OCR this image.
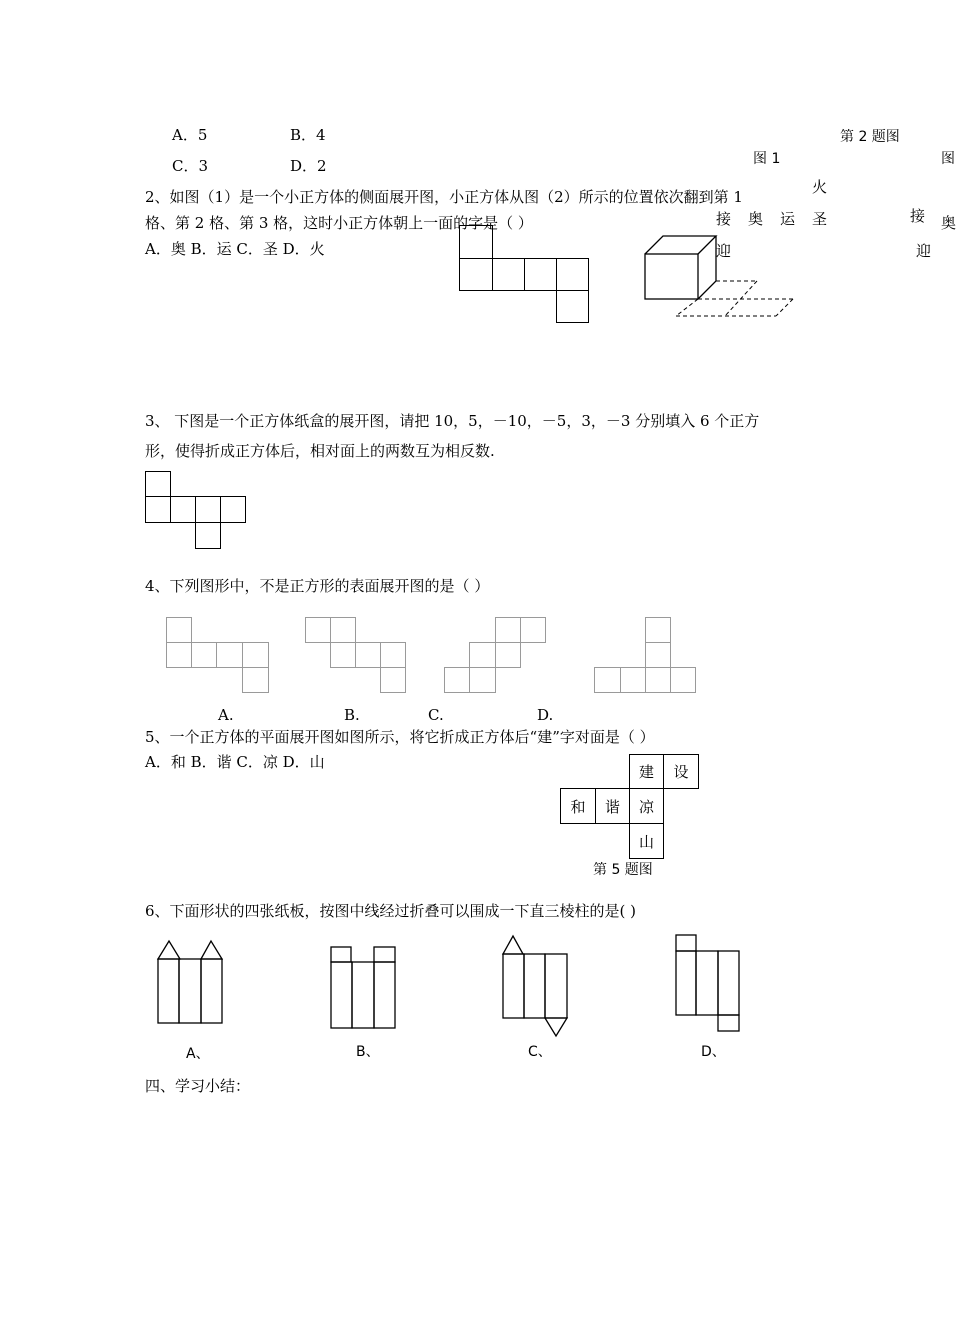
A．5	B．4
C．3	D．2
2、如图（1）是一个小正方体的侧面展开图，小正方体从图（2）所示的位置依次翻到第 1
格、第 2 格、第 3 格，这时小正方体朝上一面的字是（ ）
A．奥 B．运 C．圣 D．火
第 2 题图
图 1	图
火
接 奥 运 圣
迎
接 奥
迎
3、 下图是一个正方体纸盒的展开图，请把 10，5，－10，－5，3，－3 分别填入 6 个正方
形，使得折成正方体后，相对面上的两数互为相反数.
4、下列图形中，不是正方形的表面展开图的是（ ）
A.	B.	C.	D.
5、一个正方体的平面展开图如图所示，将它折成正方体后“建”字对面是（ ）
A．和 B．谐 C．凉 D．山
建	设
和	谐	凉
山
第 5 题图
6、下面形状的四张纸板，按图中线经过折叠可以围成一下直三棱柱的是( )
A、	B、	C、	D、
四、学习小结：
